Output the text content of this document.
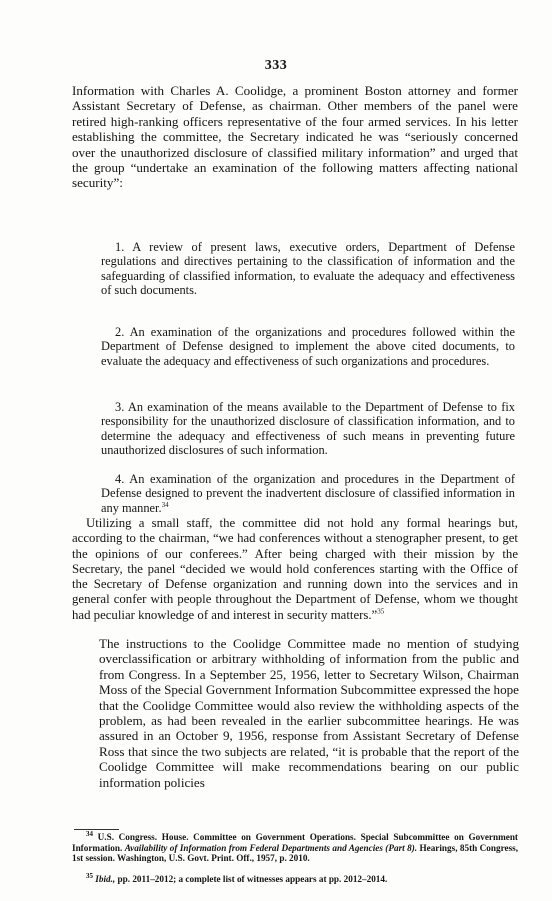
333

Information with Charles A. Coolidge, a prominent Boston attorney and former Assistant Secretary of Defense, as chairman. Other members of the panel were retired high-ranking officers representative of the four armed services. In his letter establishing the committee, the Secretary indicated he was “seriously concerned over the unauthorized disclosure of classified military information” and urged that the group “undertake an examination of the following matters affecting national security”:

1. A review of present laws, executive orders, Department of Defense regulations and directives pertaining to the classification of information and the safeguarding of classified information, to evaluate the adequacy and effectiveness of such documents.

2. An examination of the organizations and procedures followed within the Department of Defense designed to implement the above cited documents, to evaluate the adequacy and effectiveness of such organizations and procedures.

3. An examination of the means available to the Department of Defense to fix responsibility for the unauthorized disclosure of classification information, and to determine the adequacy and effectiveness of such means in preventing future unauthorized disclosures of such information.

4. An examination of the organization and procedures in the Department of Defense designed to prevent the inadvertent disclosure of classified information in any manner.$^{34}$

Utilizing a small staff, the committee did not hold any formal hearings but, according to the chairman, “we had conferences without a stenographer present, to get the opinions of our conferees.” After being charged with their mission by the Secretary, the panel “decided we would hold conferences starting with the Office of the Secretary of Defense organization and running down into the services and in general confer with people throughout the Department of Defense, whom we thought had peculiar knowledge of and interest in security matters.”$^{35}$

The instructions to the Coolidge Committee made no mention of studying overclassification or arbitrary withholding of information from the public and from Congress. In a September 25, 1956, letter to Secretary Wilson, Chairman Moss of the Special Government Information Subcommittee expressed the hope that the Coolidge Committee would also review the withholding aspects of the problem, as had been revealed in the earlier subcommittee hearings. He was assured in an October 9, 1956, response from Assistant Secretary of Defense Ross that since the two subjects are related, “it is probable that the report of the Coolidge Committee will make recommendations bearing on our public information policies

$^{34}$ U.S. Congress. House. Committee on Government Operations. Special Subcommittee on Government Information. Availability of Information from Federal Departments and Agencies (Part 8). Hearings, 85th Congress, 1st session. Washington, U.S. Govt. Print. Off., 1957, p. 2010.

$^{35}$ Ibid., pp. 2011–2012; a complete list of witnesses appears at pp. 2012–2014.
